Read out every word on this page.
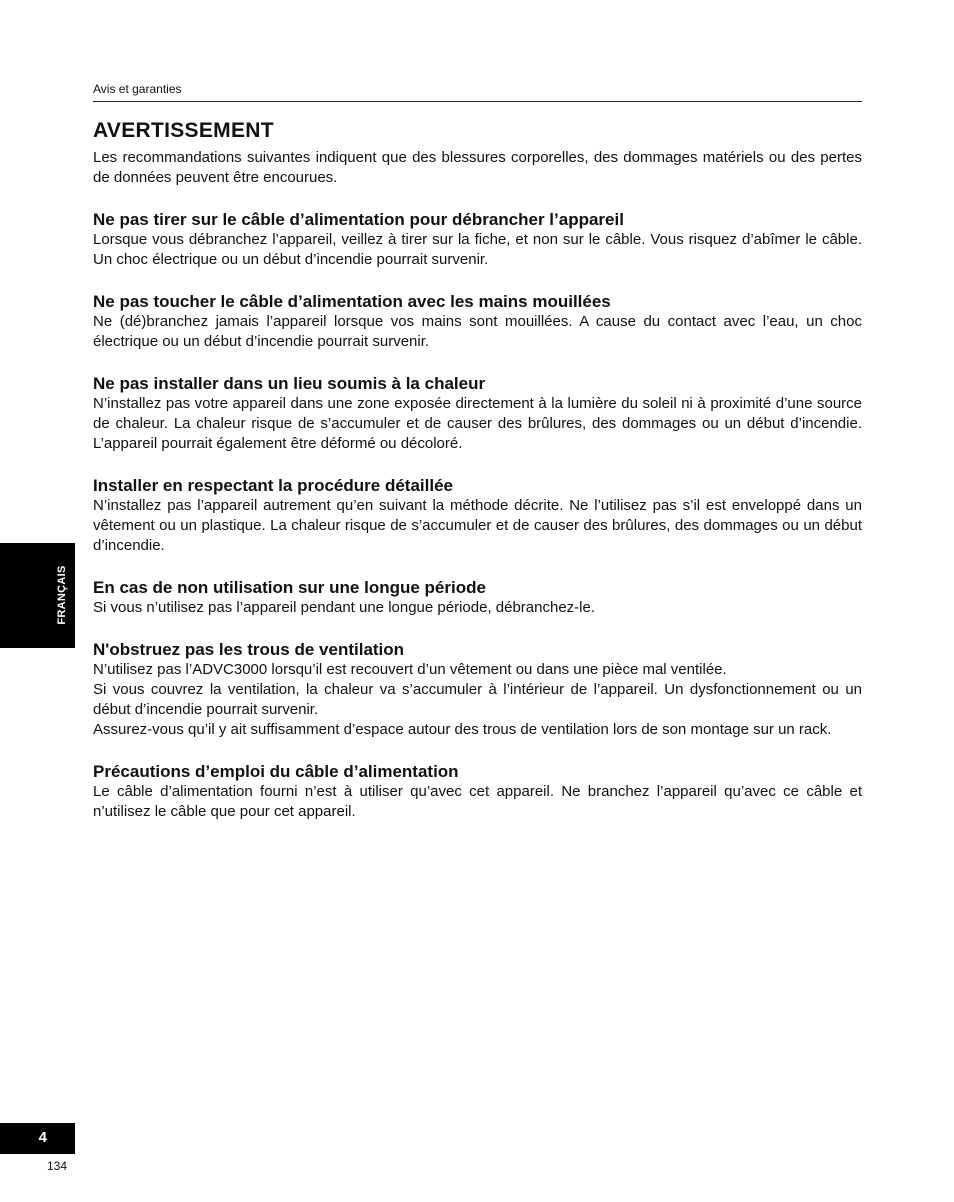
Avis et garanties
AVERTISSEMENT

Les recommandations suivantes indiquent que des blessures corporelles, des dommages matériels ou des pertes de données peuvent être encourues.

Ne pas tirer sur le câble d’alimentation pour débrancher l’appareil

Lorsque vous débranchez l’appareil, veillez à tirer sur la fiche, et non sur le câble. Vous risquez d’abîmer le câble. Un choc électrique ou un début d’incendie pourrait survenir.

Ne pas toucher le câble d’alimentation avec les mains mouillées

Ne (dé)branchez jamais l’appareil lorsque vos mains sont mouillées. A cause du contact avec l’eau, un choc électrique ou un début d’incendie pourrait survenir.

Ne pas installer dans un lieu soumis à la chaleur

N’installez pas votre appareil dans une zone exposée directement à la lumière du soleil ni à proximité d’une source de chaleur. La chaleur risque de s’accumuler et de causer des brûlures, des dommages ou un début d’incendie. L’appareil pourrait également être déformé ou décoloré.

Installer en respectant la procédure détaillée

N’installez pas l’appareil autrement qu’en suivant la méthode décrite. Ne l’utilisez pas s’il est enveloppé dans un vêtement ou un plastique. La chaleur risque de s’accumuler et de causer des brûlures, des dommages ou un début d’incendie.

En cas de non utilisation sur une longue période

Si vous n’utilisez pas l’appareil pendant une longue période, débranchez-le.

N'obstruez pas les trous de ventilation

N’utilisez pas l’ADVC3000 lorsqu’il est recouvert d’un vêtement ou dans une pièce mal ventilée.

Si vous couvrez la ventilation, la chaleur va s’accumuler à l’intérieur de l’appareil. Un dysfonctionnement ou un début d’incendie pourrait survenir.

Assurez-vous qu’il y ait suffisamment d’espace autour des trous de ventilation lors de son montage sur un rack.

Précautions d’emploi du câble d’alimentation

Le câble d’alimentation fourni n’est à utiliser qu’avec cet appareil. Ne branchez l’appareil qu’avec ce câble et n’utilisez le câble que pour cet appareil.

FRANÇAIS
4
134
